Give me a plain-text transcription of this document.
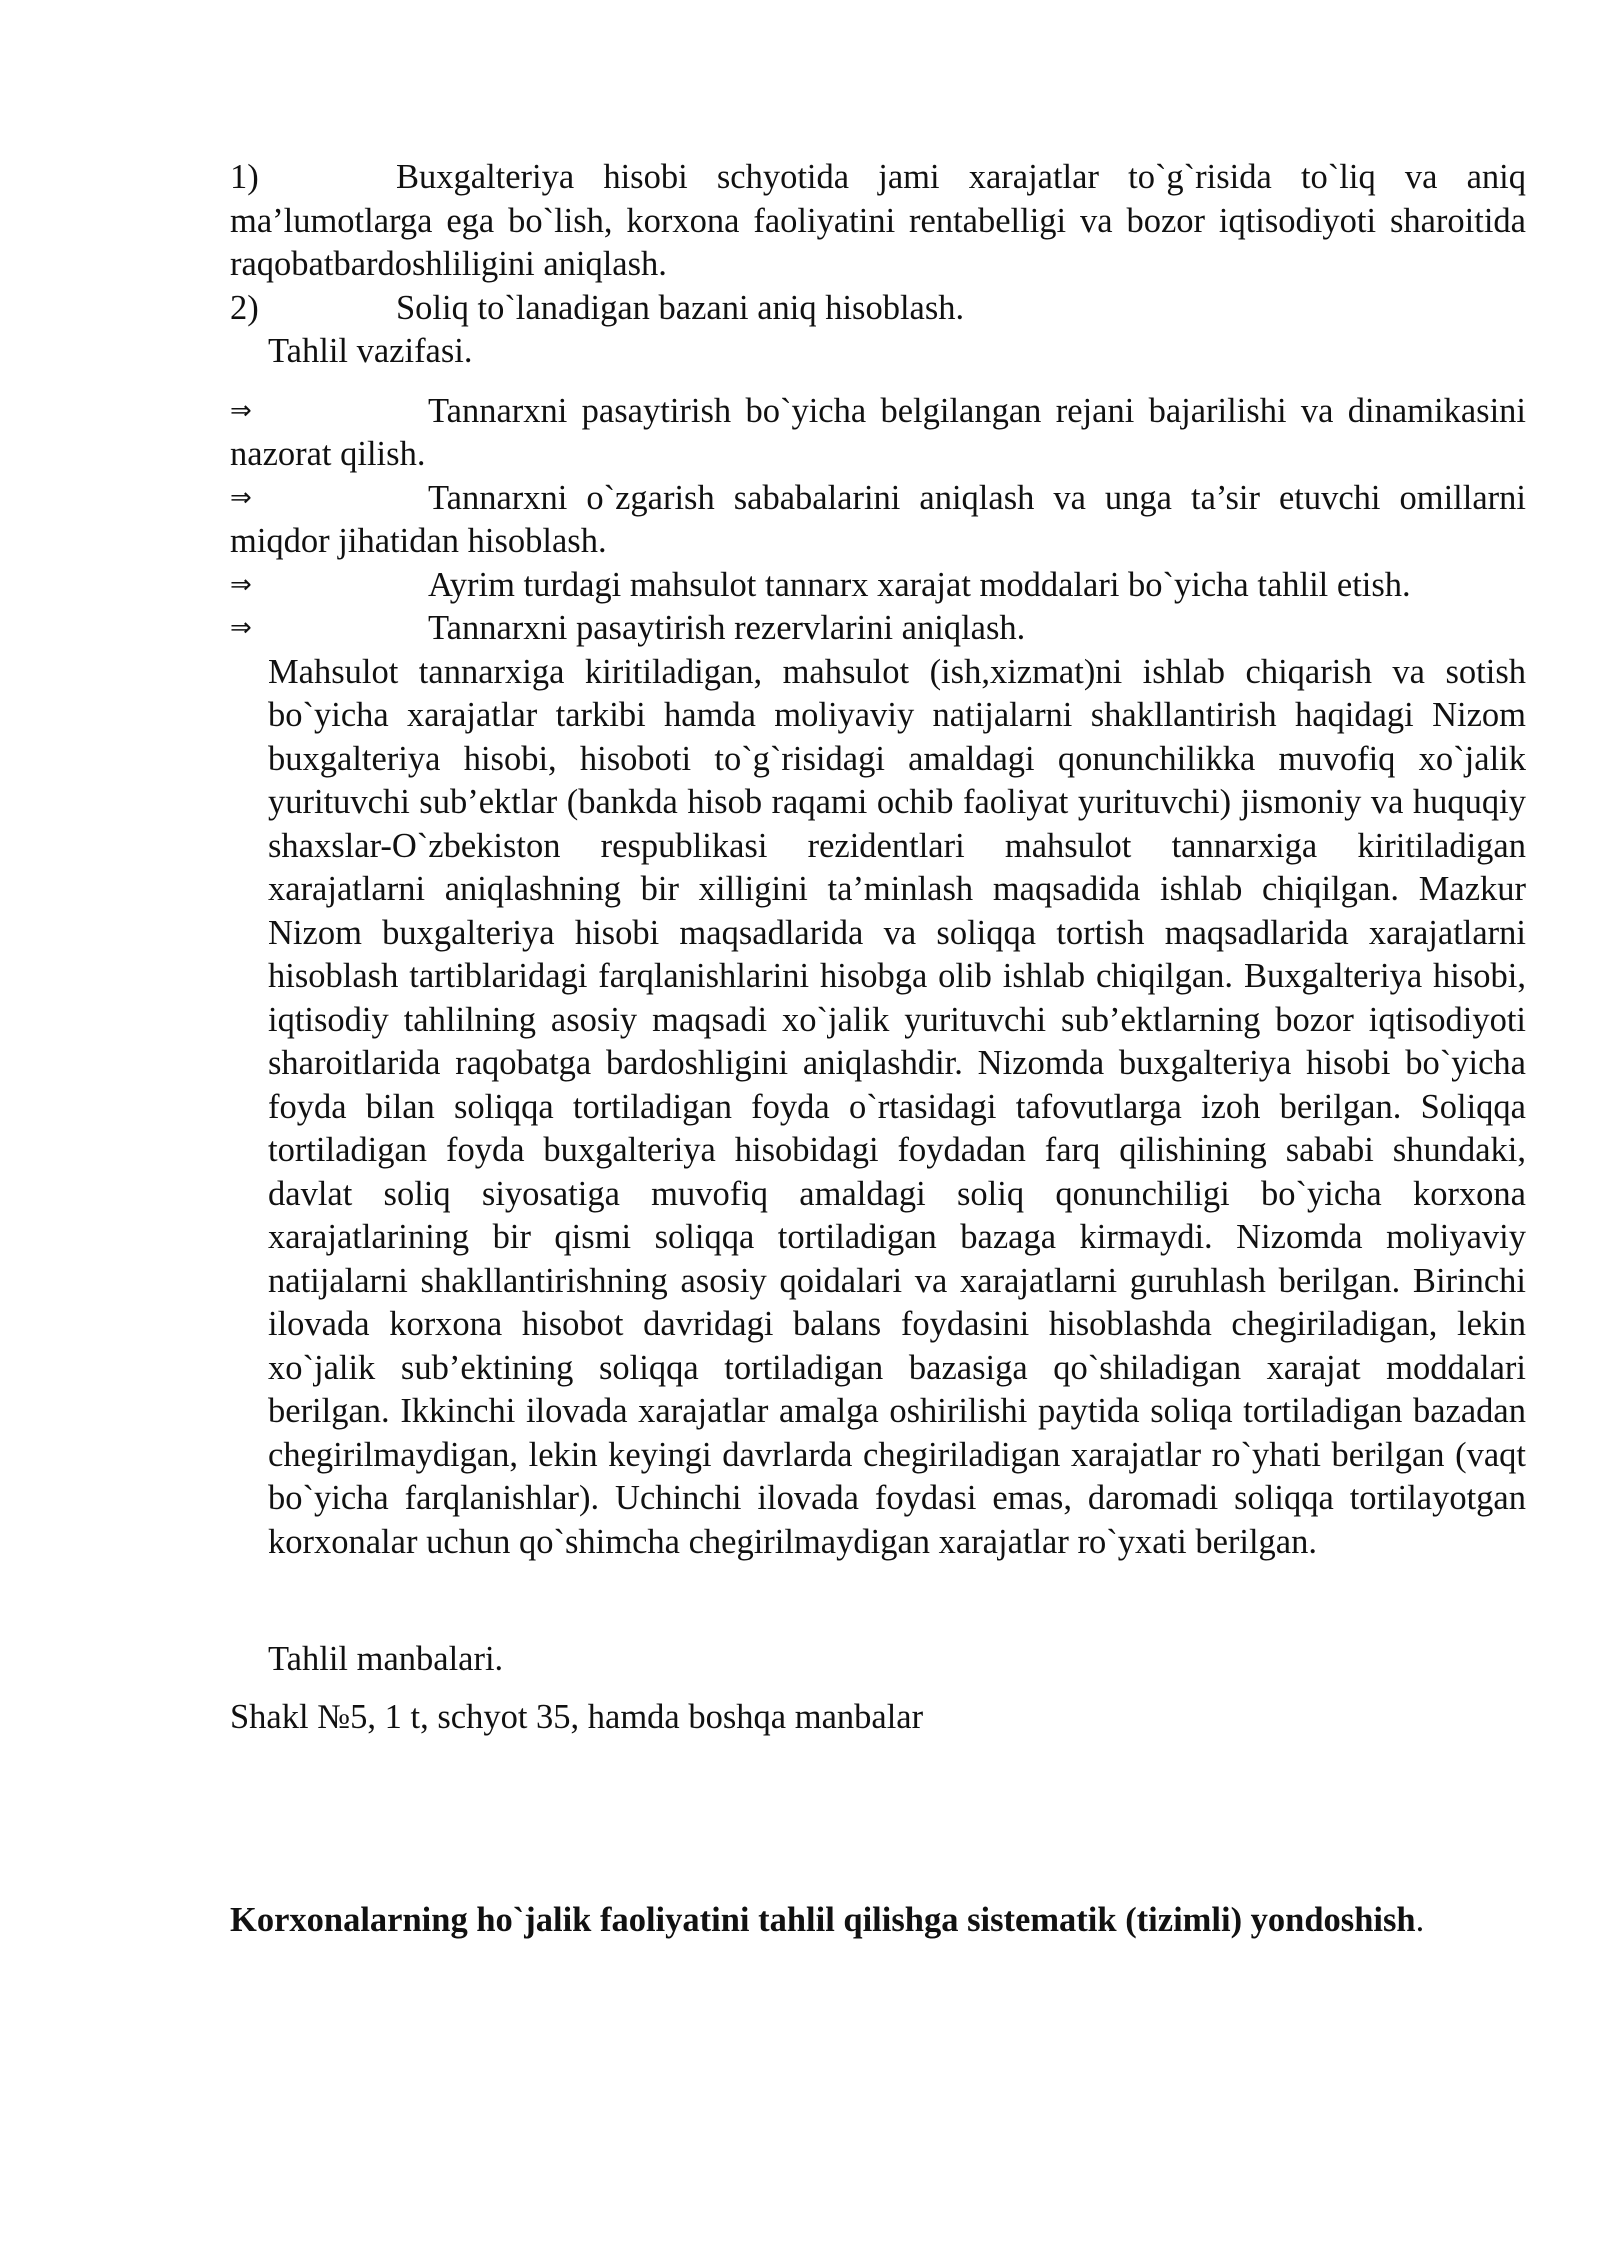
1)	Buxgalteriya hisobi schyotida jami xarajatlar to`g`risida to`liq va aniq ma’lumotlarga ega bo`lish, korxona faoliyatini rentabelligi va bozor iqtisodiyoti sharoitida raqobatbardoshliligini aniqlash.
2)	Soliq to`lanadigan bazani aniq hisoblash.
Tahlil vazifasi.
⇒	Tannarxni pasaytirish bo`yicha belgilangan rejani bajarilishi va dinamikasini nazorat qilish.
⇒	Tannarxni o`zgarish sababalarini aniqlash va unga ta’sir etuvchi omillarni miqdor jihatidan hisoblash.
⇒	Ayrim turdagi mahsulot tannarx xarajat moddalari bo`yicha tahlil etish.
⇒	Tannarxni pasaytirish rezervlarini aniqlash.
Mahsulot tannarxiga kiritiladigan, mahsulot (ish,xizmat)ni ishlab chiqarish va sotish bo`yicha xarajatlar tarkibi hamda moliyaviy natijalarni shakllantirish haqidagi Nizom buxgalteriya hisobi, hisoboti to`g`risidagi amaldagi qonunchilikka muvofiq xo`jalik yurituvchi sub’ektlar (bankda hisob raqami ochib faoliyat yurituvchi) jismoniy va huquqiy shaxslar-O`zbekiston respublikasi rezidentlari mahsulot tannarxiga kiritiladigan xarajatlarni aniqlashning bir xilligini ta’minlash maqsadida ishlab chiqilgan. Mazkur Nizom buxgalteriya hisobi maqsadlarida va soliqqa tortish maqsadlarida xarajatlarni hisoblash tartiblaridagi farqlanishlarini hisobga olib ishlab chiqilgan. Buxgalteriya hisobi, iqtisodiy tahlilning asosiy maqsadi xo`jalik yurituvchi sub’ektlarning bozor iqtisodiyoti sharoitlarida raqobatga bardoshligini aniqlashdir. Nizomda buxgalteriya hisobi bo`yicha foyda bilan soliqqa tortiladigan foyda o`rtasidagi tafovutlarga izoh berilgan. Soliqqa tortiladigan foyda buxgalteriya hisobidagi foydadan farq qilishining sababi shundaki, davlat soliq siyosatiga muvofiq amaldagi soliq qonunchiligi bo`yicha korxona xarajatlarining bir qismi soliqqa tortiladigan bazaga kirmaydi. Nizomda moliyaviy natijalarni shakllantirishning asosiy qoidalari va xarajatlarni guruhlash berilgan. Birinchi ilovada korxona hisobot davridagi balans foydasini hisoblashda chegiriladigan, lekin xo`jalik sub’ektining soliqqa tortiladigan bazasiga qo`shiladigan xarajat moddalari berilgan. Ikkinchi ilovada xarajatlar amalga oshirilishi paytida soliqa tortiladigan bazadan chegirilmaydigan, lekin keyingi davrlarda chegiriladigan xarajatlar ro`yhati berilgan (vaqt bo`yicha farqlanishlar). Uchinchi ilovada foydasi emas, daromadi soliqqa tortilayotgan korxonalar uchun qo`shimcha chegirilmaydigan xarajatlar ro`yxati berilgan.
Tahlil manbalari.
Shakl №5, 1 t, schyot 35, hamda boshqa manbalar
Korxonalarning ho`jalik faoliyatini tahlil qilishga sistematik (tizimli) yondoshish.
